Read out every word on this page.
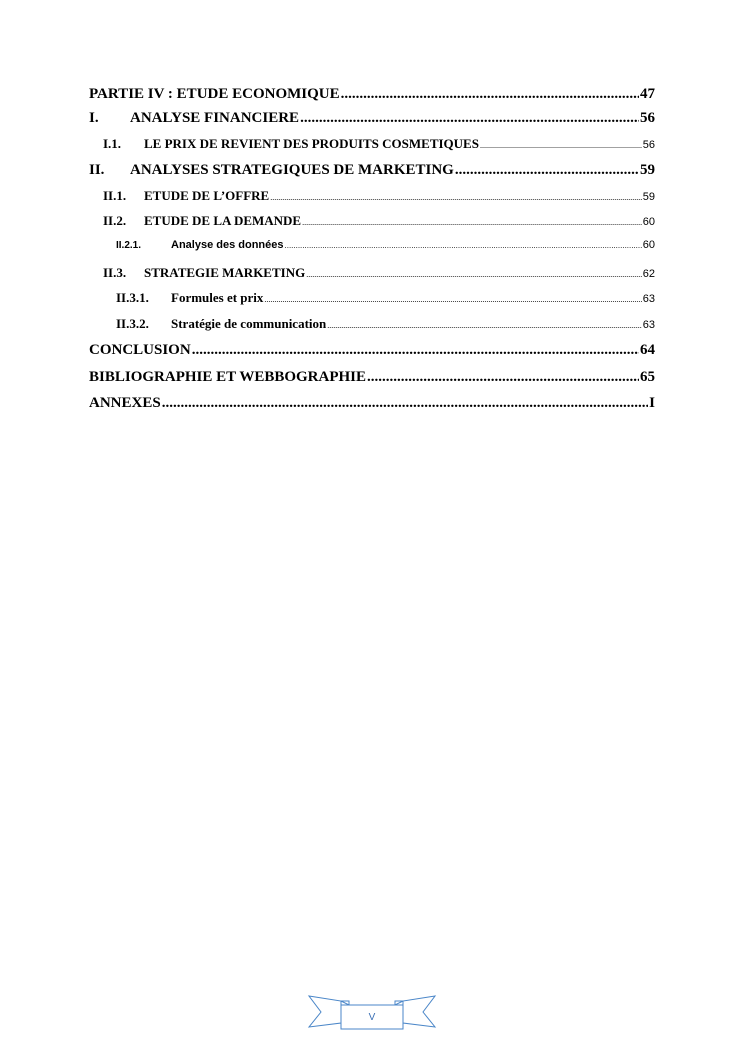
PARTIE IV : ETUDE ECONOMIQUE .....	47
I.	ANALYSE FINANCIERE .....	56
I.1.	LE PRIX DE REVIENT DES PRODUITS COSMETIQUES .....	56
II.	ANALYSES STRATEGIQUES DE MARKETING .....	59
II.1.	ETUDE DE L’OFFRE .....	59
II.2.	ETUDE DE LA DEMANDE .....	60
II.2.1.	Analyse des données .....	60
II.3.	STRATEGIE MARKETING .....	62
II.3.1.	Formules et prix .....	63
II.3.2.	Stratégie de communication .....	63
CONCLUSION .....	64
BIBLIOGRAPHIE ET WEBBOGRAPHIE .....	65
ANNEXES .....	I
V
